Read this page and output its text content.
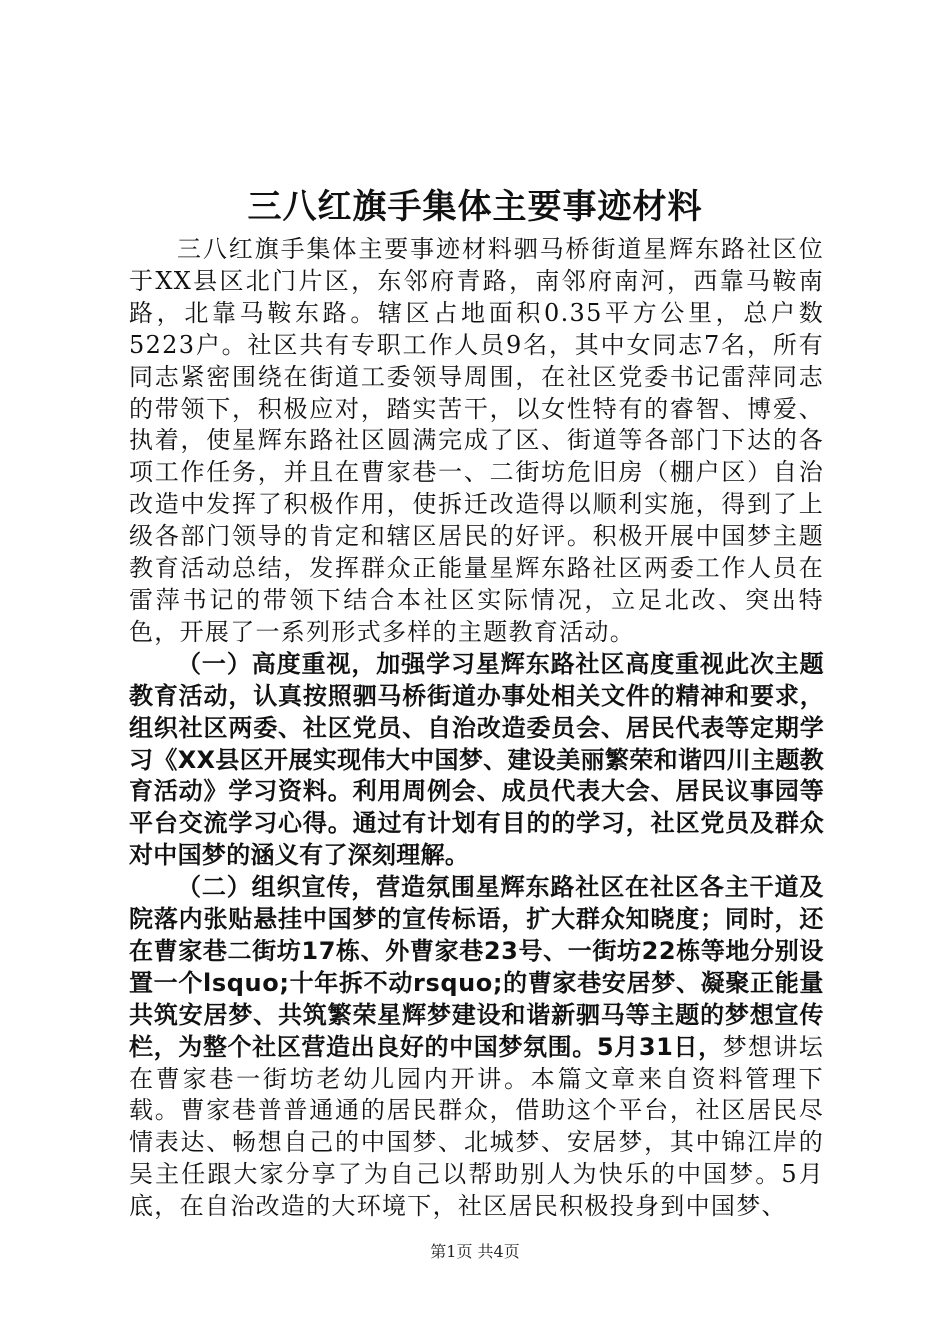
三八红旗手集体主要事迹材料

三八红旗手集体主要事迹材料驷马桥街道星辉东路社区位于XX县区北门片区，东邻府青路，南邻府南河，西靠马鞍南路，北靠马鞍东路。辖区占地面积0.35平方公里，总户数5223户。社区共有专职工作人员9名，其中女同志7名，所有同志紧密围绕在街道工委领导周围，在社区党委书记雷萍同志的带领下，积极应对，踏实苦干，以女性特有的睿智、博爱、执着，使星辉东路社区圆满完成了区、街道等各部门下达的各项工作任务，并且在曹家巷一、二街坊危旧房（棚户区）自治改造中发挥了积极作用，使拆迁改造得以顺利实施，得到了上级各部门领导的肯定和辖区居民的好评。积极开展中国梦主题教育活动总结，发挥群众正能量星辉东路社区两委工作人员在雷萍书记的带领下结合本社区实际情况，立足北改、突出特色，开展了一系列形式多样的主题教育活动。

（一）高度重视，加强学习星辉东路社区高度重视此次主题教育活动，认真按照驷马桥街道办事处相关文件的精神和要求，组织社区两委、社区党员、自治改造委员会、居民代表等定期学习《XX县区开展实现伟大中国梦、建设美丽繁荣和谐四川主题教育活动》学习资料。利用周例会、成员代表大会、居民议事园等平台交流学习心得。通过有计划有目的的学习，社区党员及群众对中国梦的涵义有了深刻理解。

（二）组织宣传，营造氛围星辉东路社区在社区各主干道及院落内张贴悬挂中国梦的宣传标语，扩大群众知晓度；同时，还在曹家巷二街坊17栋、外曹家巷23号、一街坊22栋等地分别设置一个lsquo;十年拆不动rsquo;的曹家巷安居梦、凝聚正能量共筑安居梦、共筑繁荣星辉梦建设和谐新驷马等主题的梦想宣传栏，为整个社区营造出良好的中国梦氛围。5月31日，梦想讲坛在曹家巷一街坊老幼儿园内开讲。本篇文章来自资料管理下载。曹家巷普普通通的居民群众，借助这个平台，社区居民尽情表达、畅想自己的中国梦、北城梦、安居梦，其中锦江岸的吴主任跟大家分享了为自己以帮助别人为快乐的中国梦。5月底，在自治改造的大环境下，社区居民积极投身到中国梦、

第1页 共4页
